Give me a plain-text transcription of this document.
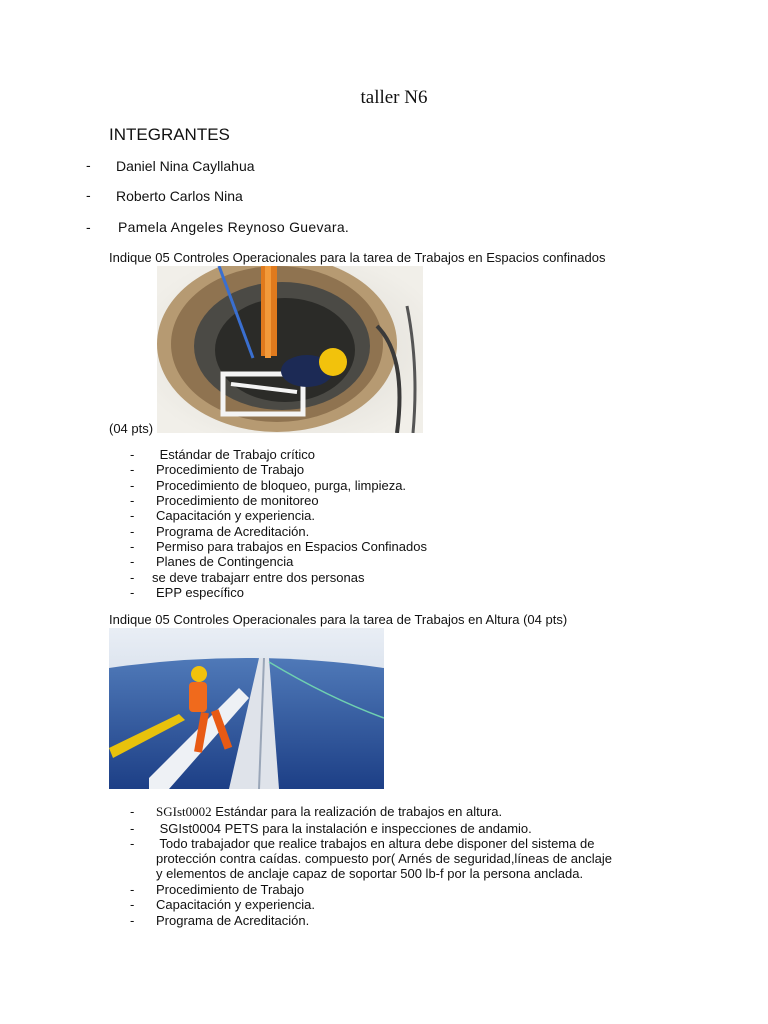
taller N6
INTEGRANTES
- Daniel Nina Cayllahua
- Roberto Carlos Nina
- Pamela Angeles Reynoso Guevara.
Indique 05 Controles Operacionales para la tarea de Trabajos en Espacios confinados
(04 pts)
- Estándar de Trabajo crítico
- Procedimiento de Trabajo
- Procedimiento de bloqueo, purga, limpieza.
- Procedimiento de monitoreo
- Capacitación y experiencia.
- Programa de Acreditación.
- Permiso para trabajos en Espacios Confinados
- Planes de Contingencia
- se deve trabajarr entre dos personas
- EPP específico
Indique 05 Controles Operacionales para la tarea de Trabajos en Altura (04 pts)
- SGIst0002 Estándar para la realización de trabajos en altura.
- SGIst0004 PETS para la instalación e inspecciones de andamio.
- Todo trabajador que realice trabajos en altura debe disponer del sistema de
protección contra caídas. compuesto por( Arnés de seguridad,líneas de anclaje
y elementos de anclaje capaz de soportar 500 lb-f por la persona anclada.
- Procedimiento de Trabajo
- Capacitación y experiencia.
- Programa de Acreditación.
